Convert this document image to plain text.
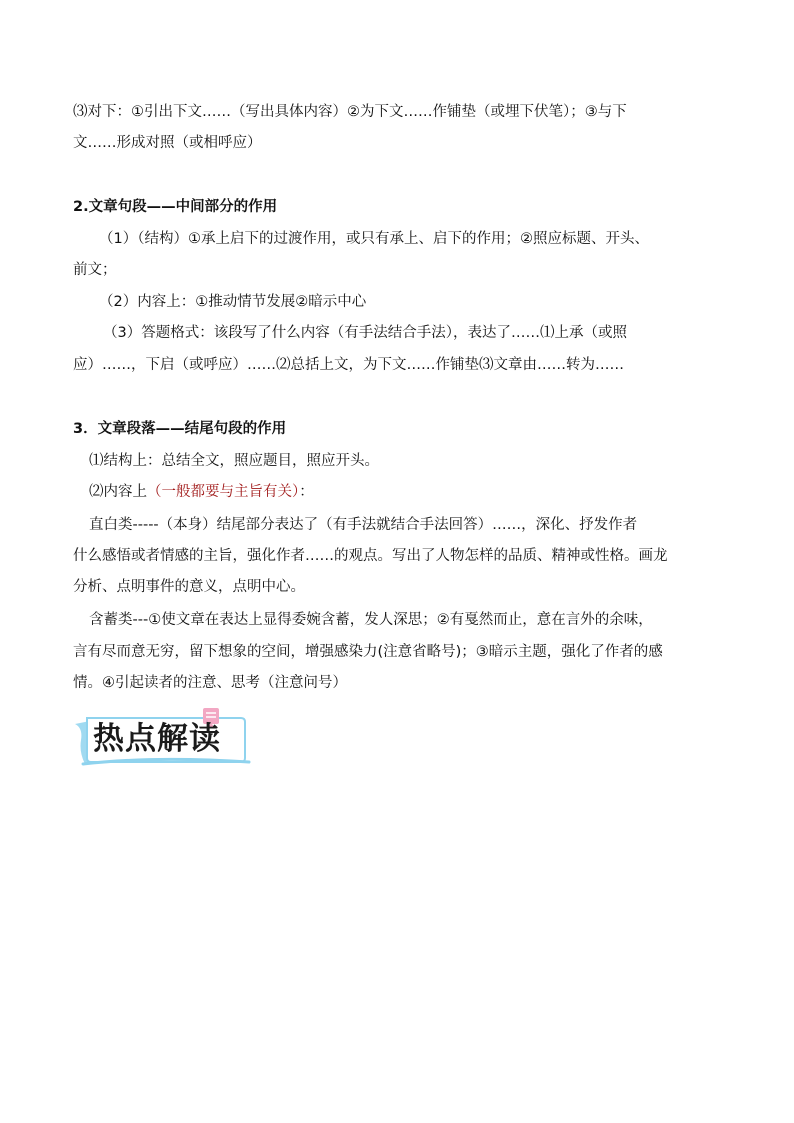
⑶对下：①引出下文……（写出具体内容）②为下文……作铺垫（或埋下伏笔）；③与下
文……形成对照（或相呼应）
2.文章句段——中间部分的作用
（1）（结构）①承上启下的过渡作用，或只有承上、启下的作用；②照应标题、开头、
前文；
（2）内容上：①推动情节发展②暗示中心
（3）答题格式：该段写了什么内容（有手法结合手法），表达了……⑴上承（或照
应）……，下启（或呼应）……⑵总括上文，为下文……作铺垫⑶文章由……转为……
3．文章段落——结尾句段的作用
⑴结构上：总结全文，照应题目，照应开头。
⑵内容上（一般都要与主旨有关）：
直白类-----（本身）结尾部分表达了（有手法就结合手法回答）……，深化、抒发作者
什么感悟或者情感的主旨，强化作者……的观点。写出了人物怎样的品质、精神或性格。画龙
分析、点明事件的意义，点明中心。
含蓄类---①使文章在表达上显得委婉含蓄，发人深思；②有戛然而止，意在言外的余味，
言有尽而意无穷，留下想象的空间，增强感染力(注意省略号)；③暗示主题，强化了作者的感
情。④引起读者的注意、思考（注意问号）
热点解读
